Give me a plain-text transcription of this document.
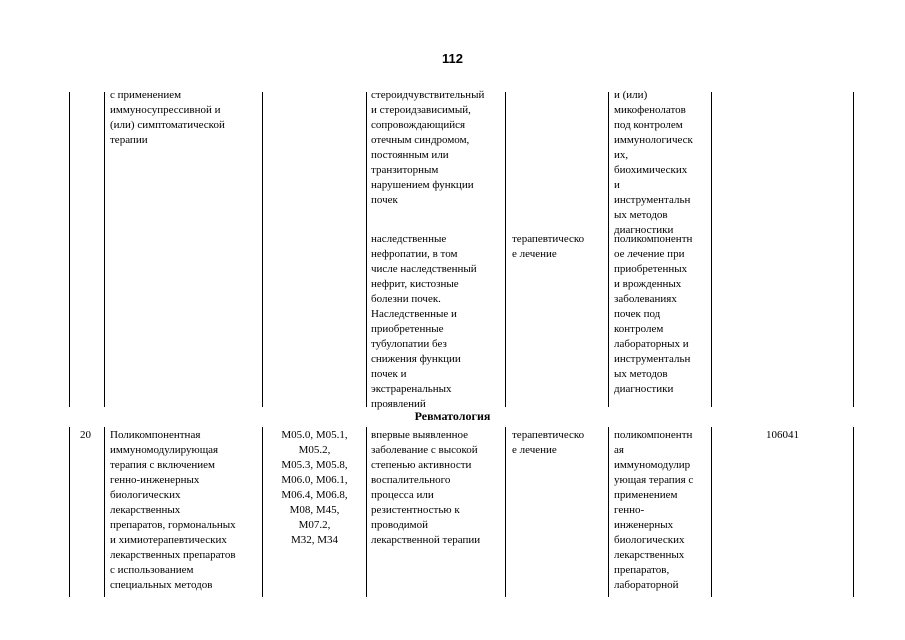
112

с применением
иммуносупрессивной и
(или) симптоматической
терапии

стероидчувствительный
и стероидзависимый,
сопровождающийся
отечным синдромом,
постоянным или
транзиторным
нарушением функции
почек

и (или)
микофенолатов
под контролем
иммунологическ
их,
биохимических
и
инструментальн
ых методов
диагностики

наследственные
нефропатии, в том
числе наследственный
нефрит, кистозные
болезни почек.
Наследственные и
приобретенные
тубулопатии без
снижения функции
почек и
экстраренальных
проявлений

терапевтическо
е лечение

поликомпонентн
ое лечение при
приобретенных
и врожденных
заболеваниях
почек под
контролем
лабораторных и
инструментальн
ых методов
диагностики

Ревматология

20	Поликомпонентная
иммуномодулирующая
терапия с включением
генно-инженерных
биологических
лекарственных
препаратов, гормональных
и химиотерапевтических
лекарственных препаратов
с использованием
специальных методов

M05.0, M05.1,
M05.2,
M05.3, M05.8,
M06.0, M06.1,
M06.4, M06.8,
M08, M45,
M07.2,
M32, M34

впервые выявленное
заболевание с высокой
степенью активности
воспалительного
процесса или
резистентностью к
проводимой
лекарственной терапии

терапевтическо
е лечение

поликомпонентн
ая
иммуномодулир
ующая терапия с
применением
генно-
инженерных
биологических
лекарственных
препаратов,
лабораторной

106041
